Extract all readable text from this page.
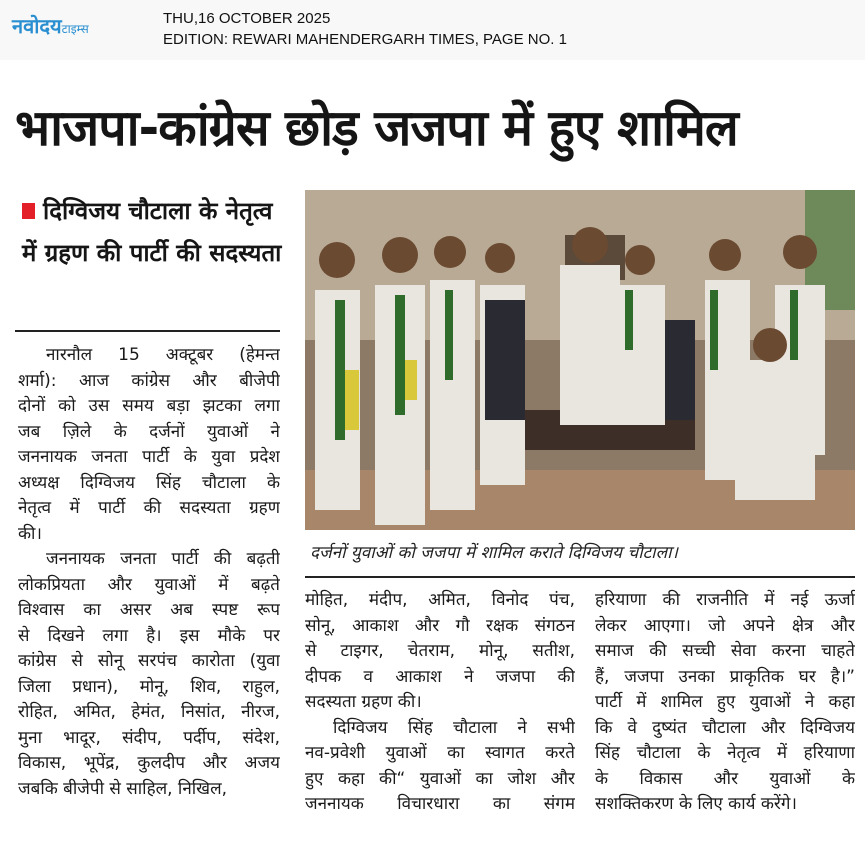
नवोदयटाइम्स
THU,16 OCTOBER 2025
EDITION: REWARI MAHENDERGARH TIMES, PAGE NO. 1
भाजपा-कांग्रेस छोड़ जजपा में हुए शामिल
दिग्विजय चौटाला के नेतृत्व में ग्रहण की पार्टी की सदस्यता
नारनौल 15 अक्टूबर (हेमन्त
शर्मा): आज कांग्रेस और बीजेपी
दोनों को उस समय बड़ा झटका लगा
जब ज़िले के दर्जनों युवाओं ने
जननायक जनता पार्टी के युवा प्रदेश
अध्यक्ष दिग्विजय सिंह चौटाला के
नेतृत्व में पार्टी की सदस्यता ग्रहण
की।
जननायक जनता पार्टी की बढ़ती
लोकप्रियता और युवाओं में बढ़ते
विश्वास का असर अब स्पष्ट रूप
से दिखने लगा है। इस मौके पर
कांग्रेस से सोनू सरपंच कारोता (युवा
जिला प्रधान), मोनू, शिव, राहुल,
रोहित, अमित, हेमंत, निसांत, नीरज,
मुना भादूर, संदीप, पर्दीप, संदेश,
विकास, भूपेंद्र, कुलदीप और अजय
जबकि बीजेपी से साहिल, निखिल,
दर्जनों युवाओं को जजपा में शामिल कराते दिग्विजय चौटाला।
मोहित, मंदीप, अमित, विनोद पंच,
सोनू, आकाश और गौ रक्षक संगठन
से टाइगर, चेतराम, मोनू, सतीश,
दीपक व आकाश ने जजपा की
सदस्यता ग्रहण की।
दिग्विजय सिंह चौटाला ने सभी
नव-प्रवेशी युवाओं का स्वागत करते
हुए कहा की“ युवाओं का जोश और
जननायक विचारधारा का संगम
हरियाणा की राजनीति में नई ऊर्जा
लेकर आएगा। जो अपने क्षेत्र और
समाज की सच्ची सेवा करना चाहते
हैं, जजपा उनका प्राकृतिक घर है।”
पार्टी में शामिल हुए युवाओं ने कहा
कि वे दुष्यंत चौटाला और दिग्विजय
सिंह चौटाला के नेतृत्व में हरियाणा
के विकास और युवाओं के
सशक्तिकरण के लिए कार्य करेंगे।
